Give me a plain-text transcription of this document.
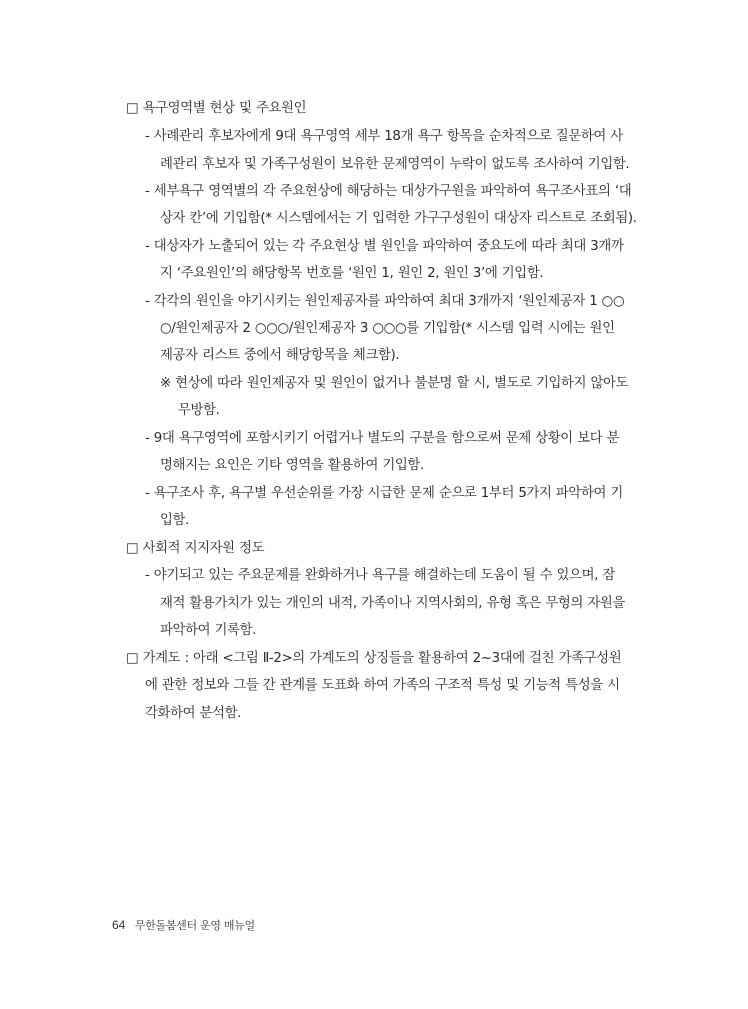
□ 욕구영역별 현상 및 주요원인
- 사례관리 후보자에게 9대 욕구영역 세부 18개 욕구 항목을 순차적으로 질문하여 사
례관리 후보자 및 가족구성원이 보유한 문제영역이 누락이 없도록 조사하여 기입함.
- 세부욕구 영역별의 각 주요현상에 해당하는 대상가구원을 파악하여 욕구조사표의 ‘대
상자 칸’에 기입함(* 시스템에서는 기 입력한 가구구성원이 대상자 리스트로 조회됨).
- 대상자가 노출되어 있는 각 주요현상 별 원인을 파악하여 중요도에 따라 최대 3개까
지 ‘주요원인’의 해당항목 번호를 ‘원인 1, 원인 2, 원인 3’에 기입함.
- 각각의 원인을 야기시키는 원인제공자를 파악하여 최대 3개까지 ‘원인제공자 1 ○○
○/원인제공자 2 ○○○/원인제공자 3 ○○○를 기입함(* 시스템 입력 시에는 원인
제공자 리스트 중에서 해당항목을 체크함).
※ 현상에 따라 원인제공자 및 원인이 없거나 불분명 할 시, 별도로 기입하지 않아도
무방함.
- 9대 욕구영역에 포함시키기 어렵거나 별도의 구분을 함으로써 문제 상황이 보다 분
명해지는 요인은 기타 영역을 활용하여 기입함.
- 욕구조사 후, 욕구별 우선순위를 가장 시급한 문제 순으로 1부터 5가지 파악하여 기
입함.
□ 사회적 지지자원 정도
- 야기되고 있는 주요문제를 완화하거나 욕구를 해결하는데 도움이 될 수 있으며, 잠
재적 활용가치가 있는 개인의 내적, 가족이나 지역사회의, 유형 혹은 무형의 자원을
파악하여 기록함.
□ 가계도 : 아래 <그림 Ⅱ-2>의 가계도의 상징들을 활용하여 2~3대에 걸친 가족구성원
에 관한 정보와 그들 간 관계를 도표화 하여 가족의 구조적 특성 및 기능적 특성을 시
각화하여 분석함.
64 무한돌봄센터 운영 매뉴얼
